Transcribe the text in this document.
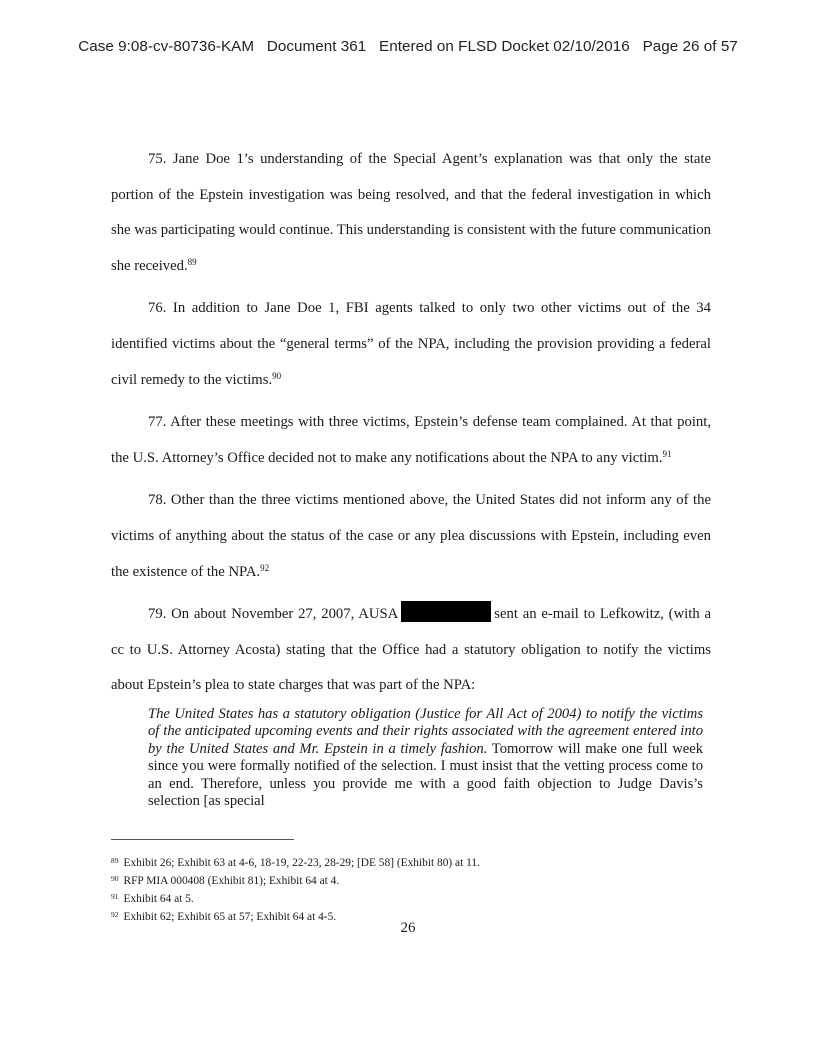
Case 9:08-cv-80736-KAM Document 361 Entered on FLSD Docket 02/10/2016 Page 26 of 57

75. Jane Doe 1’s understanding of the Special Agent’s explanation was that only the state portion of the Epstein investigation was being resolved, and that the federal investigation in which she was participating would continue. This understanding is consistent with the future communication she received.$^{89}$

76. In addition to Jane Doe 1, FBI agents talked to only two other victims out of the 34 identified victims about the “general terms” of the NPA, including the provision providing a federal civil remedy to the victims.$^{90}$

77. After these meetings with three victims, Epstein’s defense team complained. At that point, the U.S. Attorney’s Office decided not to make any notifications about the NPA to any victim.$^{91}$

78. Other than the three victims mentioned above, the United States did not inform any of the victims of anything about the status of the case or any plea discussions with Epstein, including even the existence of the NPA.$^{92}$

79. On about November 27, 2007, AUSA	sent an e-mail to Lefkowitz, (with a cc to U.S. Attorney Acosta) stating that the Office had a statutory obligation to notify the victims about Epstein’s plea to state charges that was part of the NPA:

The United States has a statutory obligation (Justice for All Act of 2004) to notify the victims of the anticipated upcoming events and their rights associated with the agreement entered into by the United States and Mr. Epstein in a timely fashion. Tomorrow will make one full week since you were formally notified of the selection. I must insist that the vetting process come to an end. Therefore, unless you provide me with a good faith objection to Judge Davis’s selection [as special
$^{89}$ Exhibit 26; Exhibit 63 at 4-6, 18-19, 22-23, 28-29; [DE 58] (Exhibit 80) at 11.
$^{90}$ RFP MIA 000408 (Exhibit 81); Exhibit 64 at 4.
$^{91}$ Exhibit 64 at 5.
$^{92}$ Exhibit 62; Exhibit 65 at 57; Exhibit 64 at 4-5.
26
